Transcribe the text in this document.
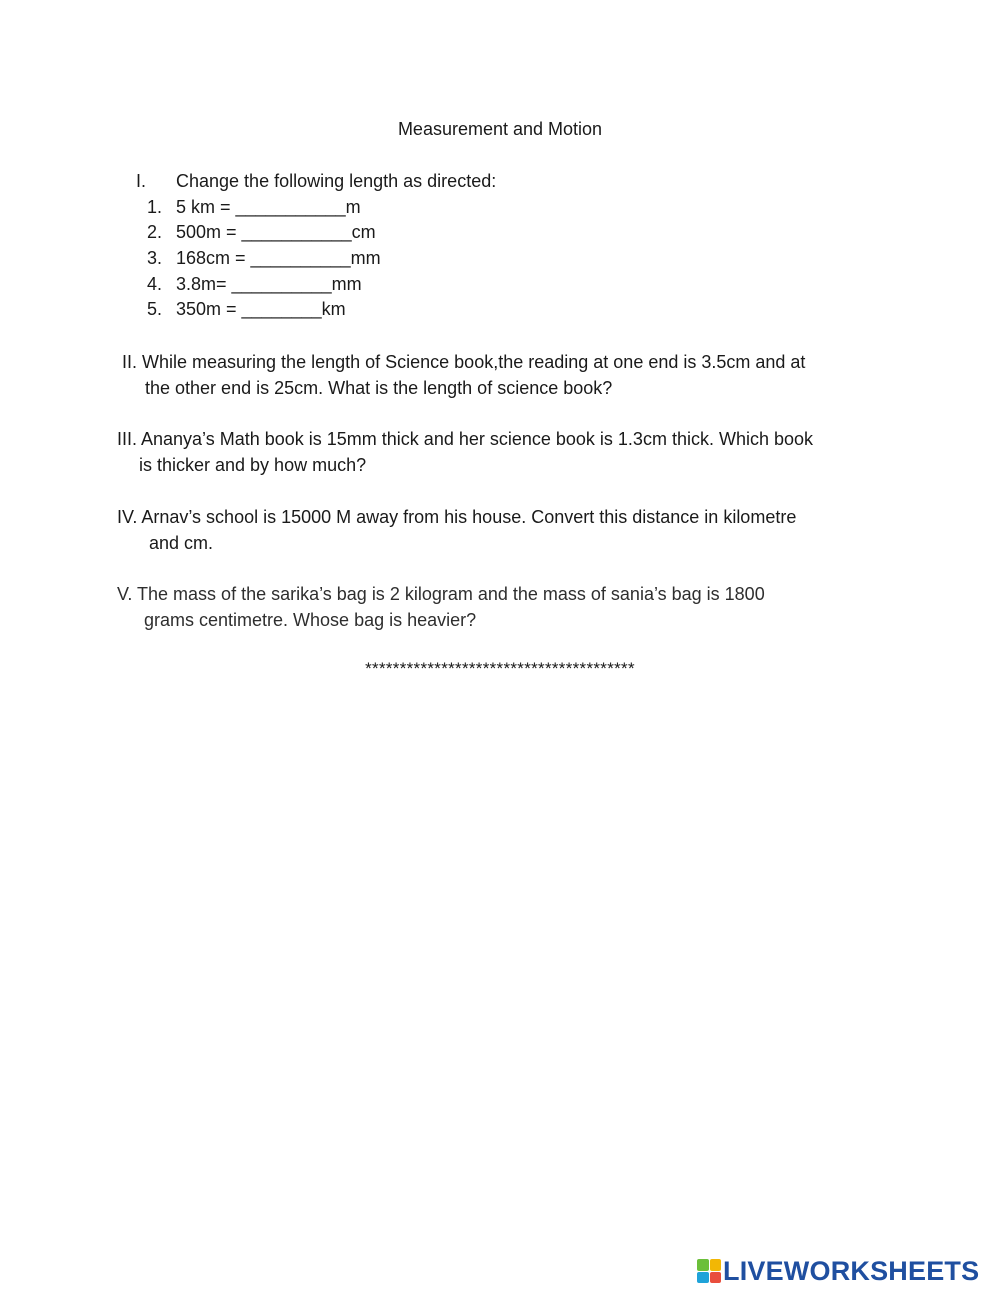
Measurement and Motion
I. Change the following length as directed:
1. 5 km = ___________m
2. 500m = ___________cm
3. 168cm = __________mm
4. 3.8m= __________mm
5. 350m = ________km
II. While measuring the length of Science book,the reading at one end is 3.5cm and at
the other end is 25cm. What is the length of science book?
III. Ananya’s Math book is 15mm thick and her science book is 1.3cm thick. Which book
is thicker and by how much?
IV. Arnav’s school is 15000 M away from his house. Convert this distance in kilometre
and cm.
V. The mass of the sarika’s bag is 2 kilogram and the mass of sania’s bag is 1800
grams centimetre. Whose bag is heavier?
***************************************
LIVEWORKSHEETS
